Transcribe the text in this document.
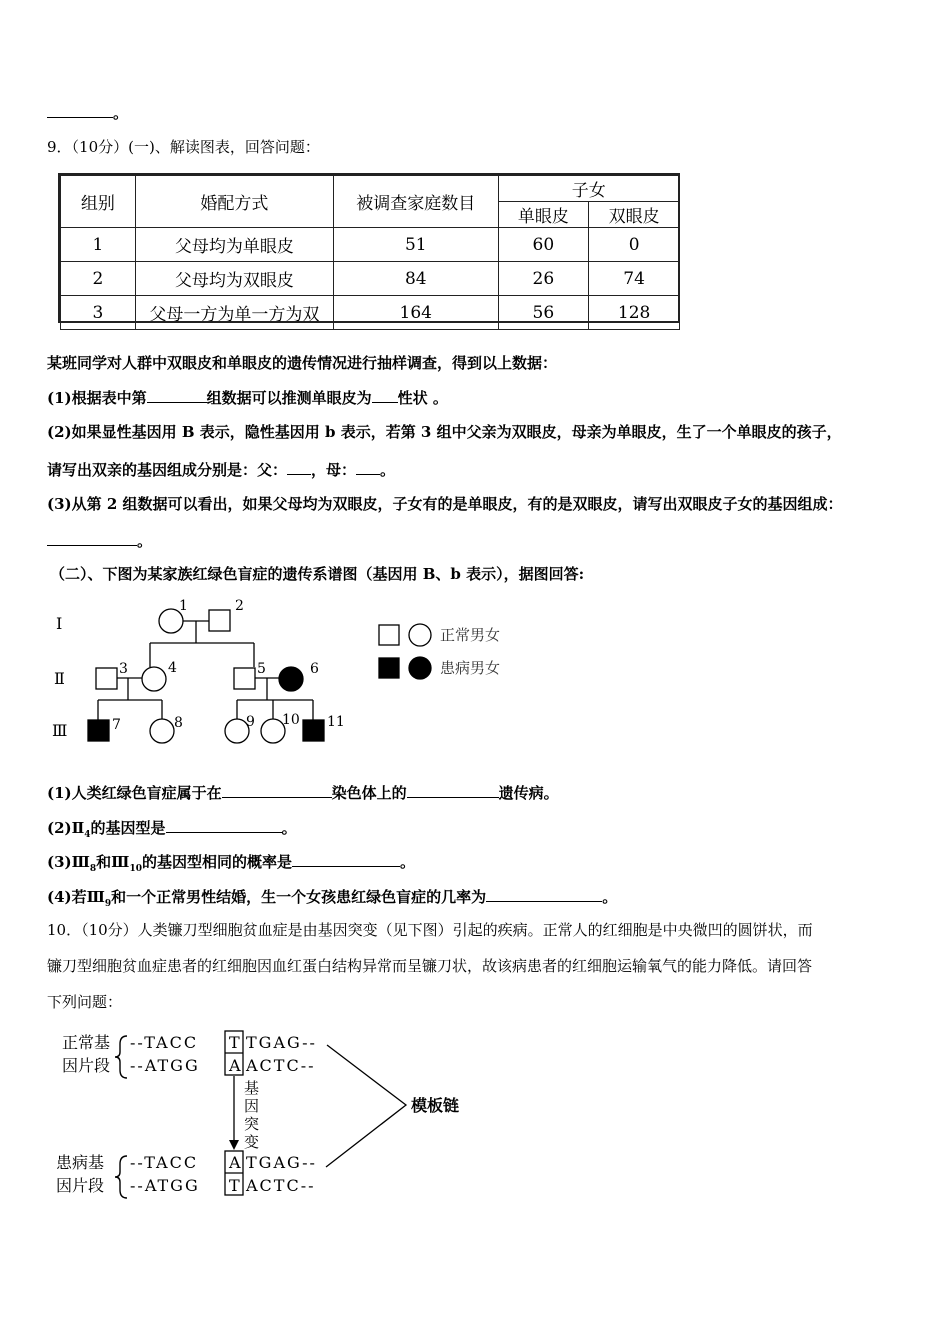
。
9．（10分）(一)、解读图表，回答问题：
组别	婚配方式	被调查家庭数目	子女	
			单眼皮	双眼皮
1	父母均为单眼皮	51	60	0
2	父母均为双眼皮	84	26	74
3	父母一方为单一方为双	164	56	128
某班同学对人群中双眼皮和单眼皮的遗传情况进行抽样调查，得到以上数据：
(1)根据表中第	组数据可以推测单眼皮为 性状 。
(2)如果显性基因用 B 表示，隐性基因用 b 表示，若第 3 组中父亲为双眼皮，母亲为单眼皮，生了一个单眼皮的孩子，
请写出双亲的基因组成分别是：父： ，母： 。
(3)从第 2 组数据可以看出，如果父母均为双眼皮，子女有的是单眼皮，有的是双眼皮，请写出双眼皮子女的基因组成：
。
（二）、下图为某家族红绿色盲症的遗传系谱图（基因用 B、b 表示），据图回答:
Ⅰ
Ⅱ
Ⅲ
1	2
3	4	5	6
7	8	9 10 11
正常男女
患病男女
(1)人类红绿色盲症属于在	染色体上的	遗传病。
$(2)Ⅱ_4$的基因型是	。
$(3)Ⅲ_8$和$Ⅲ_{10}$的基因型相同的概率是	。
(4)若$Ⅲ_9$和一个正常男性结婚，生一个女孩患红绿色盲症的几率为	。
10．（10分）人类镰刀型细胞贫血症是由基因突变（见下图）引起的疾病。正常人的红细胞是中央微凹的圆饼状，而
镰刀型细胞贫血症患者的红细胞因血红蛋白结构异常而呈镰刀状，故该病患者的红细胞运输氧气的能力降低。请回答
下列问题：
正常基
因片段
患病基
因片段
--TACC T TGAG--
--ATGG A ACTC--
--TACC A TGAG--
--ATGG T ACTC--
基
因
突
变
模板链
